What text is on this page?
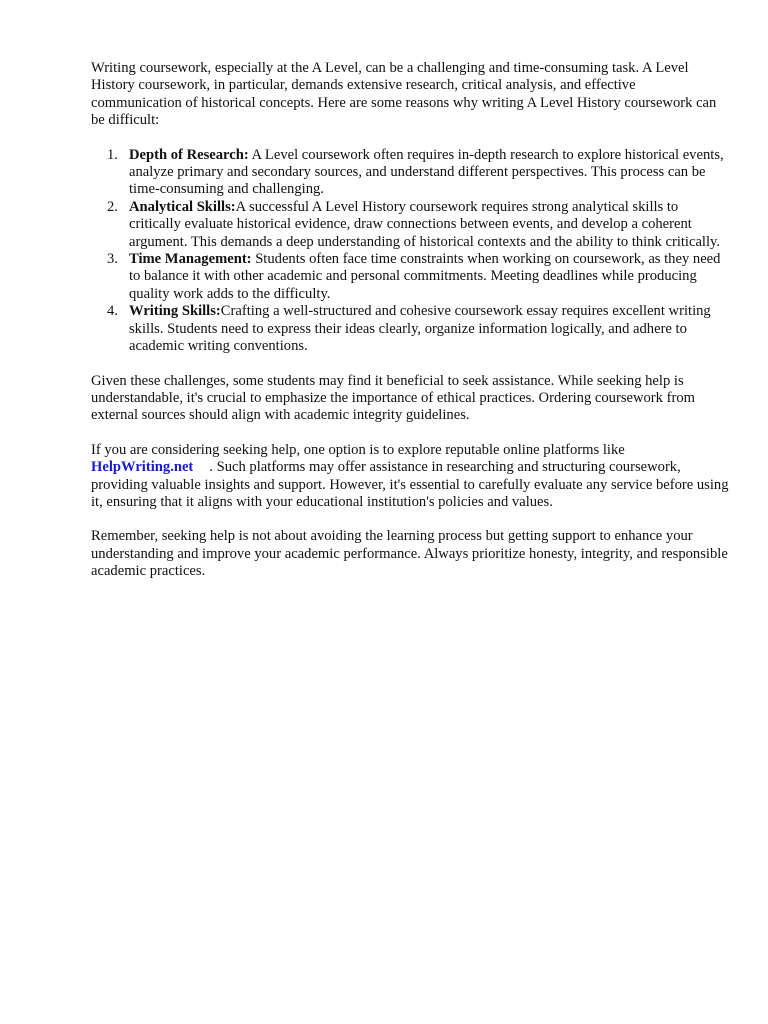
Writing coursework, especially at the A Level, can be a challenging and time-consuming task. A Level History coursework, in particular, demands extensive research, critical analysis, and effective communication of historical concepts. Here are some reasons why writing A Level History coursework can be difficult:

1. Depth of Research: A Level coursework often requires in-depth research to explore historical events, analyze primary and secondary sources, and understand different perspectives. This process can be time-consuming and challenging.
2. Analytical Skills:A successful A Level History coursework requires strong analytical skills to critically evaluate historical evidence, draw connections between events, and develop a coherent argument. This demands a deep understanding of historical contexts and the ability to think critically.
3. Time Management: Students often face time constraints when working on coursework, as they need to balance it with other academic and personal commitments. Meeting deadlines while producing quality work adds to the difficulty.
4. Writing Skills:Crafting a well-structured and cohesive coursework essay requires excellent writing skills. Students need to express their ideas clearly, organize information logically, and adhere to academic writing conventions.

Given these challenges, some students may find it beneficial to seek assistance. While seeking help is understandable, it's crucial to emphasize the importance of ethical practices. Ordering coursework from external sources should align with academic integrity guidelines.

If you are considering seeking help, one option is to explore reputable online platforms like HelpWriting.net . Such platforms may offer assistance in researching and structuring coursework, providing valuable insights and support. However, it's essential to carefully evaluate any service before using it, ensuring that it aligns with your educational institution's policies and values.

Remember, seeking help is not about avoiding the learning process but getting support to enhance your understanding and improve your academic performance. Always prioritize honesty, integrity, and responsible academic practices.
